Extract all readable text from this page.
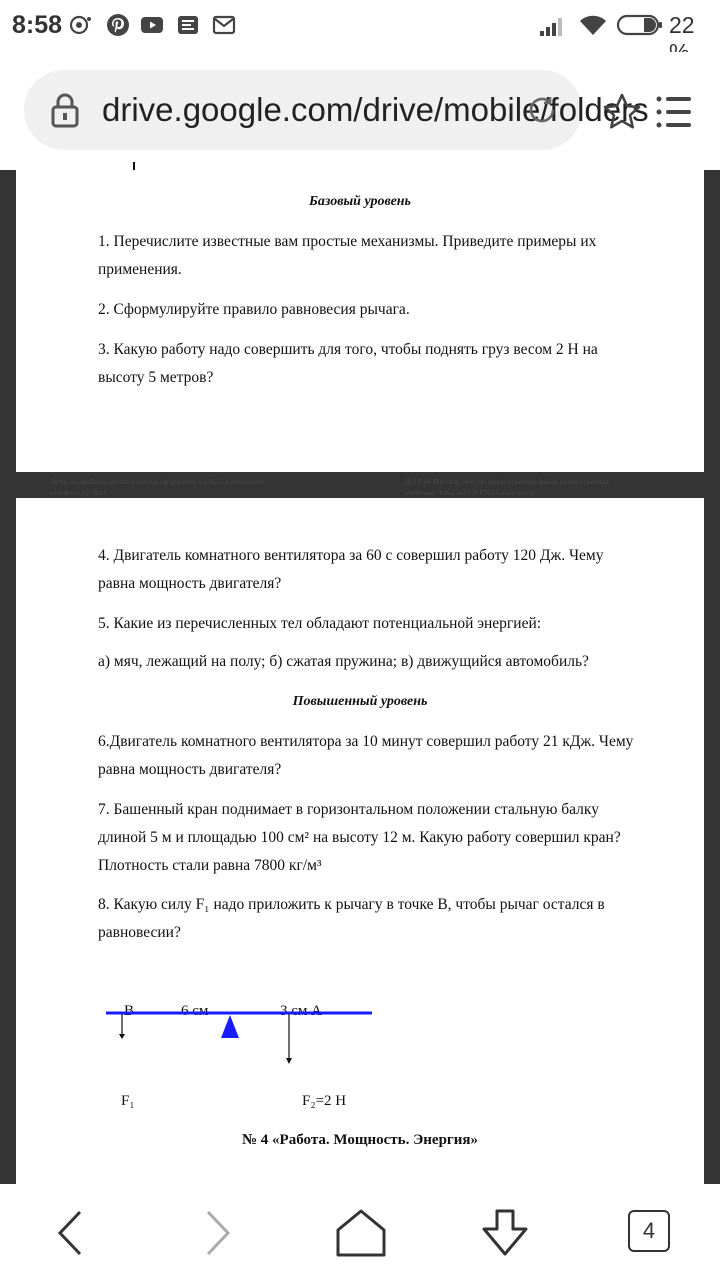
8:58	22
drive.google.com/drive/mobile/folders
Базовый уровень
1. Перечислите известные вам простые механизмы. Приведите примеры их
применения.
2. Сформулируйте правило равновесия рычага.
3. Какую работу надо совершить для того, чтобы поднять груз весом 2 Н на
высоту 5 метров?
Дети, на двойном листке в клетку оформляем л.р.№11 и высылаем
мне фото л.р.№11
Д/З 8.04 Изучить тему по какой странице файла новая страница
учебника. Тема №13 Л.Р.№11 выполнить
4. Двигатель комнатного вентилятора за 60 с совершил работу 120 Дж. Чему
равна мощность двигателя?
5. Какие из перечисленных тел обладают потенциальной энергией:
а) мяч, лежащий на полу; б) сжатая пружина; в) движущийся автомобиль?
Повышенный уровень
6.Двигатель комнатного вентилятора за 10 минут совершил работу 21 кДж. Чему
равна мощность двигателя?
7. Башенный кран поднимает в горизонтальном положении стальную балку
длиной 5 м и площадью 100 см² на высоту 12 м. Какую работу совершил кран?
Плотность стали равна 7800 кг/м³
8. Какую силу F₁ надо приложить к рычагу в точке В, чтобы рычаг остался в
равновесии?
В	6 см	3 см А
F₁	F₂=2 Н
№ 4 «Работа. Мощность. Энергия»
4
